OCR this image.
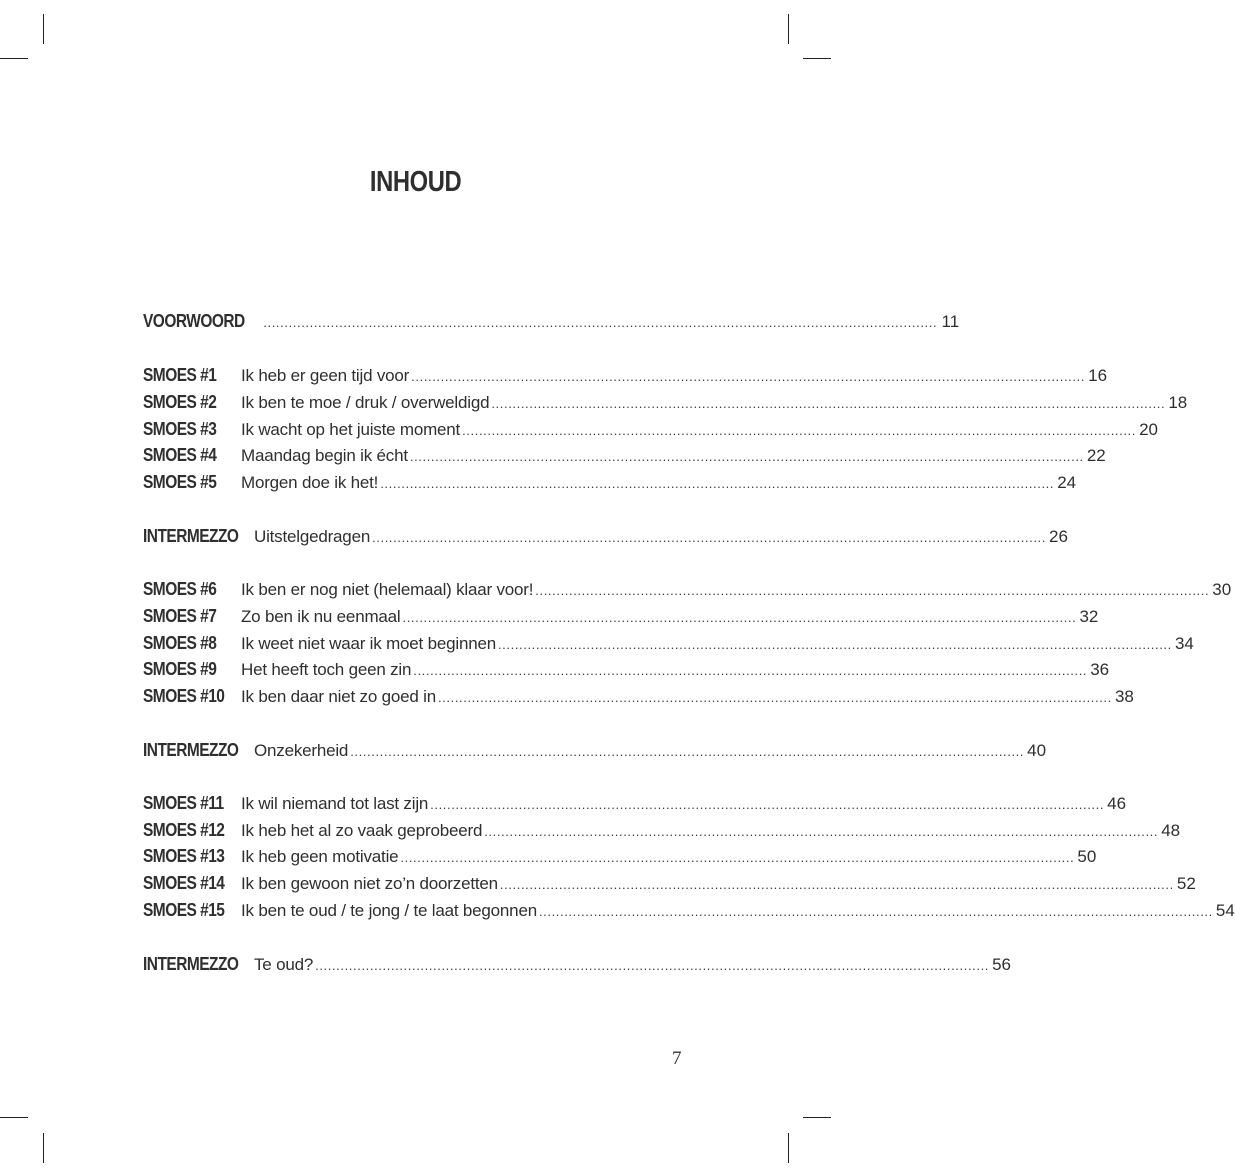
INHOUD
VOORWOORD ................................................................................................................................................................ 11
SMOES #1	Ik heb er geen tijd voor ................................................................................................................................................................ 16
SMOES #2	Ik ben te moe / druk / overweldigd ................................................................................................................................................................ 18
SMOES #3	Ik wacht op het juiste moment ................................................................................................................................................................ 20
SMOES #4	Maandag begin ik écht ................................................................................................................................................................ 22
SMOES #5	Morgen doe ik het! ................................................................................................................................................................ 24
INTERMEZZO Uitstelgedragen ................................................................................................................................................................ 26
SMOES #6	Ik ben er nog niet (helemaal) klaar voor! ................................................................................................................................................................ 30
SMOES #7	Zo ben ik nu eenmaal ................................................................................................................................................................ 32
SMOES #8	Ik weet niet waar ik moet beginnen ................................................................................................................................................................ 34
SMOES #9	Het heeft toch geen zin ................................................................................................................................................................ 36
SMOES #10 Ik ben daar niet zo goed in ................................................................................................................................................................ 38
INTERMEZZO Onzekerheid ................................................................................................................................................................ 40
SMOES #11 Ik wil niemand tot last zijn ................................................................................................................................................................ 46
SMOES #12 Ik heb het al zo vaak geprobeerd ................................................................................................................................................................ 48
SMOES #13 Ik heb geen motivatie ................................................................................................................................................................ 50
SMOES #14 Ik ben gewoon niet zo’n doorzetten ................................................................................................................................................................ 52
SMOES #15 Ik ben te oud / te jong / te laat begonnen ................................................................................................................................................................ 54
INTERMEZZO Te oud? ................................................................................................................................................................ 56
7
